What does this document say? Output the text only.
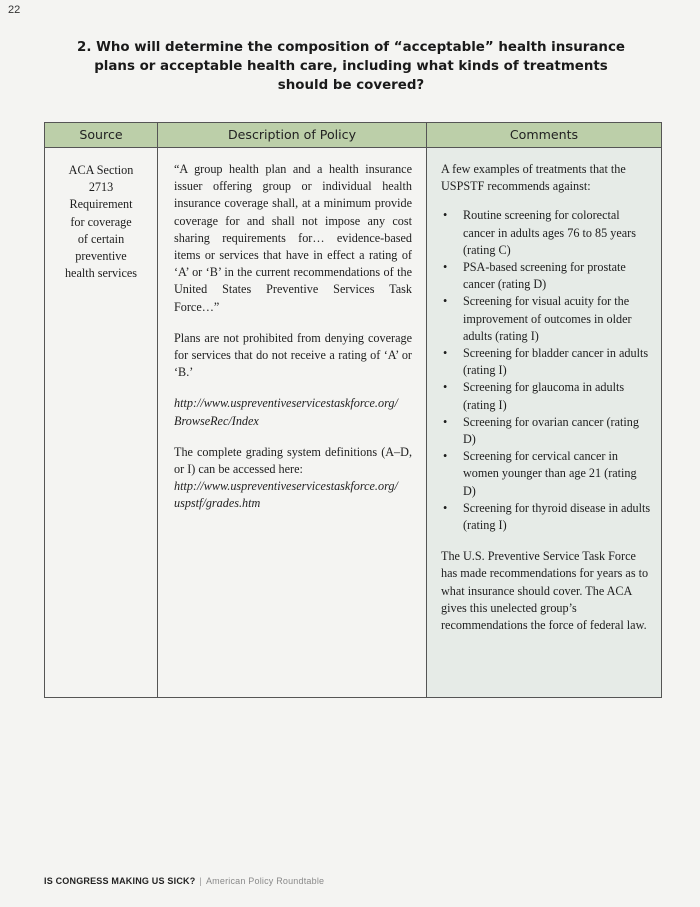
22
2. Who will determine the composition of “acceptable” health insurance
plans or acceptable health care, including what kinds of treatments
should be covered?
Source
ACA Section
2713
Requirement
for coverage
of certain
preventive
health services
Description of Policy

“A group health plan and a health insurance issuer offering group or individual health insurance coverage shall, at a minimum provide coverage for and shall not impose any cost sharing requirements for… evidence-based items or services that have in effect a rating of ‘A’ or ‘B’ in the current recommendations of the United States Preventive Services Task Force…”

Plans are not prohibited from denying coverage for services that do not receive a rating of ‘A’ or ‘B.’

http://www.uspreventiveservicestaskforce.org/
BrowseRec/Index

The complete grading system definitions (A–D, or I) can be accessed here:

http://www.uspreventiveservicestaskforce.org/
uspstf/grades.htm

Comments

A few examples of treatments that the USPSTF recommends against:

• Routine screening for colorectal cancer in adults ages 76 to 85 years (rating C)
• PSA-based screening for prostate cancer (rating D)
• Screening for visual acuity for the improvement of outcomes in older adults (rating I)
• Screening for bladder cancer in adults (rating I)
• Screening for glaucoma in adults (rating I)
• Screening for ovarian cancer (rating D)
• Screening for cervical cancer in women younger than age 21 (rating D)
• Screening for thyroid disease in adults (rating I)

The U.S. Preventive Service Task Force has made recommendations for years as to what insurance should cover. The ACA gives this unelected group’s recommendations the force of federal law.

IS CONGRESS MAKING US SICK? | American Policy Roundtable
